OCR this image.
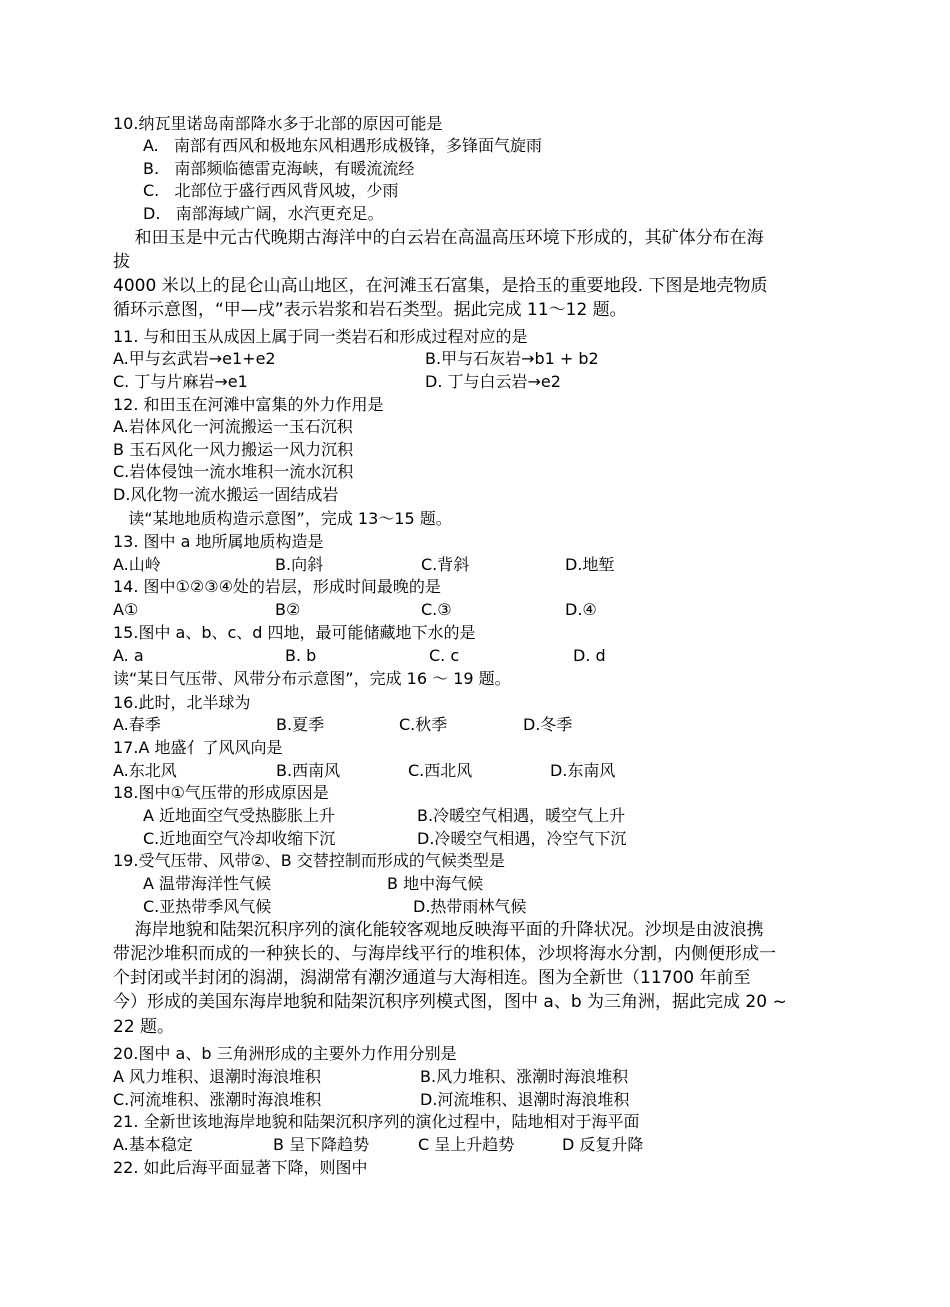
10.纳瓦里诺岛南部降水多于北部的原因可能是
A.   南部有西风和极地东风相遇形成极锋，多锋面气旋雨
B.   南部频临德雷克海峡，有暖流流经
C.   北部位于盛行西风背风坡，少雨
D.   南部海域广阔，水汽更充足。
和田玉是中元古代晚期古海洋中的白云岩在高温高压环境下形成的，其矿体分布在海
拔
4000 米以上的昆仑山高山地区，在河滩玉石富集，是拾玉的重要地段. 下图是地壳物质
循环示意图，“甲—戌”表示岩浆和岩石类型。据此完成 11〜12 题。
11. 与和田玉从成因上属于同一类岩石和形成过程对应的是

A.甲与玄武岩→e1+e2

	B.甲与石灰岩→b1 + b2

C. 丁与片麻岩→e1

	D. 丁与白云岩→e2

12. 和田玉在河滩中富集的外力作用是
A.岩体风化一河流搬运一玉石沉积
B 玉石风化一风力搬运一风力沉积
C.岩体侵蚀一流水堆积一流水沉积
D.风化物一流水搬运一固结成岩
读“某地地质构造示意图”，完成 13〜15 题。
13. 图中 a 地所属地质构造是

A.山岭

	B.向斜

	C.背斜

	D.地堑

14. 图中①②③④处的岩层，形成时间最晚的是

A①

	B②

	C.③

	D.④

15.图中 a、b、c、d 四地，最可能储藏地下水的是

A. a

	B. b

	C. c

	D. d

读“某日气压带、风带分布示意图”，完成 16 ～ 19 题。
16.此时，北半球为

A.春季

	B.夏季

	C.秋季

	D.冬季

17.A 地盛亻了风风向是

A.东北风

	B.西南风

	C.西北风

	D.东南风

18.图中①气压带的形成原因是

A 近地面空气受热膨胀上升

	B.冷暖空气相遇，暖空气上升

C.近地面空气冷却收缩下沉

	D.冷暖空气相遇，冷空气下沉

19.受气压带、风带②、B 交替控制而形成的气候类型是

A 温带海洋性气候

	B 地中海气候

C.亚热带季风气候

	D.热带雨林气候

海岸地貌和陆架沉积序列的演化能较客观地反映海平面的升降状况。沙坝是由波浪携
带泥沙堆积而成的一种狭长的、与海岸线平行的堆积体，沙坝将海水分割，内侧便形成一
个封闭或半封闭的潟湖，潟湖常有潮汐通道与大海相连。图为全新世（11700 年前至
今）形成的美国东海岸地貌和陆架沉积序列模式图，图中 a、b 为三角洲，据此完成 20 ~
22 题。
20.图中 a、b 三角洲形成的主要外力作用分别是

A 风力堆积、退潮时海浪堆积

	B.风力堆积、涨潮时海浪堆积

C.河流堆积、涨潮时海浪堆积

	D.河流堆积、退潮时海浪堆积

21. 全新世该地海岸地貌和陆架沉积序列的演化过程中，陆地相对于海平面

A.基本稳定

	B 呈下降趋势

	C 呈上升趋势

	D 反复升降

22. 如此后海平面显著下降，则图中
